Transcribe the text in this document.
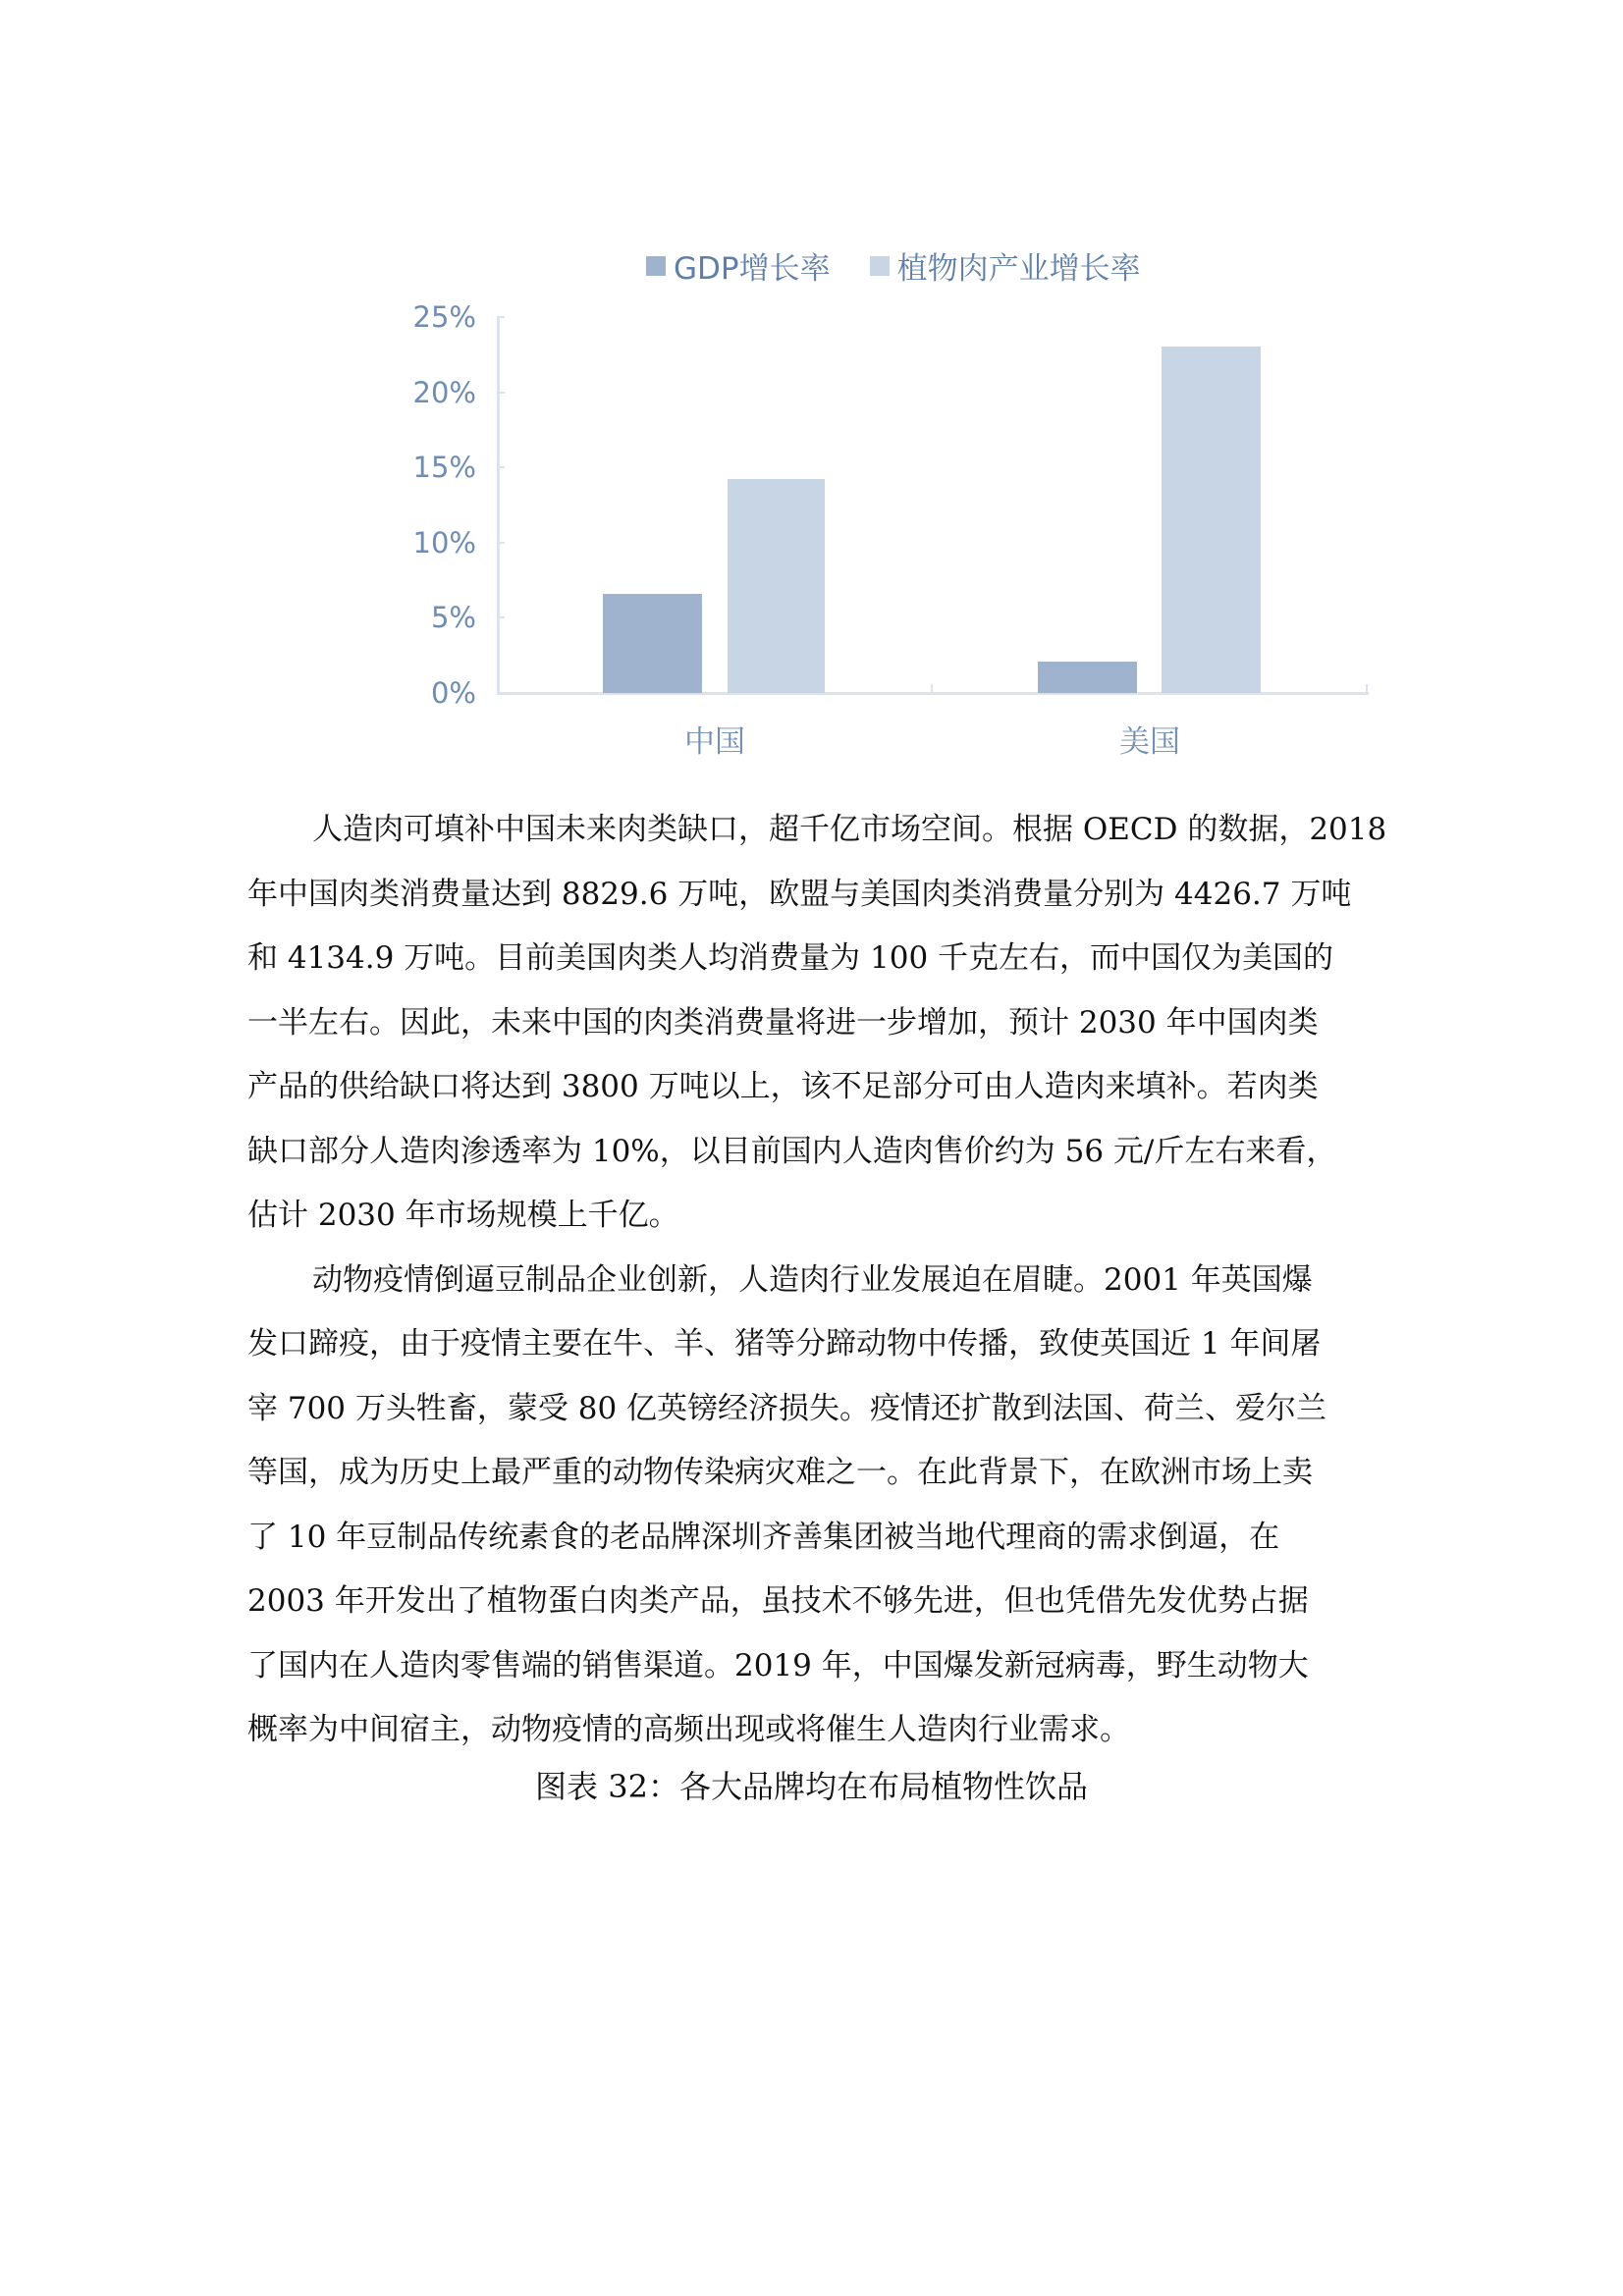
GDP增长率 植物肉产业增长率
25%
20%
15%
10%
5%
0%
中国	美国
人造肉可填补中国未来肉类缺口，超千亿市场空间。根据 OECD 的数据，2018
年中国肉类消费量达到 8829.6 万吨，欧盟与美国肉类消费量分别为 4426.7 万吨
和 4134.9 万吨。目前美国肉类人均消费量为 100 千克左右，而中国仅为美国的
一半左右。因此，未来中国的肉类消费量将进一步增加，预计 2030 年中国肉类
产品的供给缺口将达到 3800 万吨以上，该不足部分可由人造肉来填补。若肉类
缺口部分人造肉渗透率为 10%，以目前国内人造肉售价约为 56 元/斤左右来看，
估计 2030 年市场规模上千亿。
动物疫情倒逼豆制品企业创新，人造肉行业发展迫在眉睫。2001 年英国爆
发口蹄疫，由于疫情主要在牛、羊、猪等分蹄动物中传播，致使英国近 1 年间屠
宰 700 万头牲畜，蒙受 80 亿英镑经济损失。疫情还扩散到法国、荷兰、爱尔兰
等国，成为历史上最严重的动物传染病灾难之一。在此背景下，在欧洲市场上卖
了 10 年豆制品传统素食的老品牌深圳齐善集团被当地代理商的需求倒逼，在
2003 年开发出了植物蛋白肉类产品，虽技术不够先进，但也凭借先发优势占据
了国内在人造肉零售端的销售渠道。2019 年，中国爆发新冠病毒，野生动物大
概率为中间宿主，动物疫情的高频出现或将催生人造肉行业需求。
图表 32：各大品牌均在布局植物性饮品
